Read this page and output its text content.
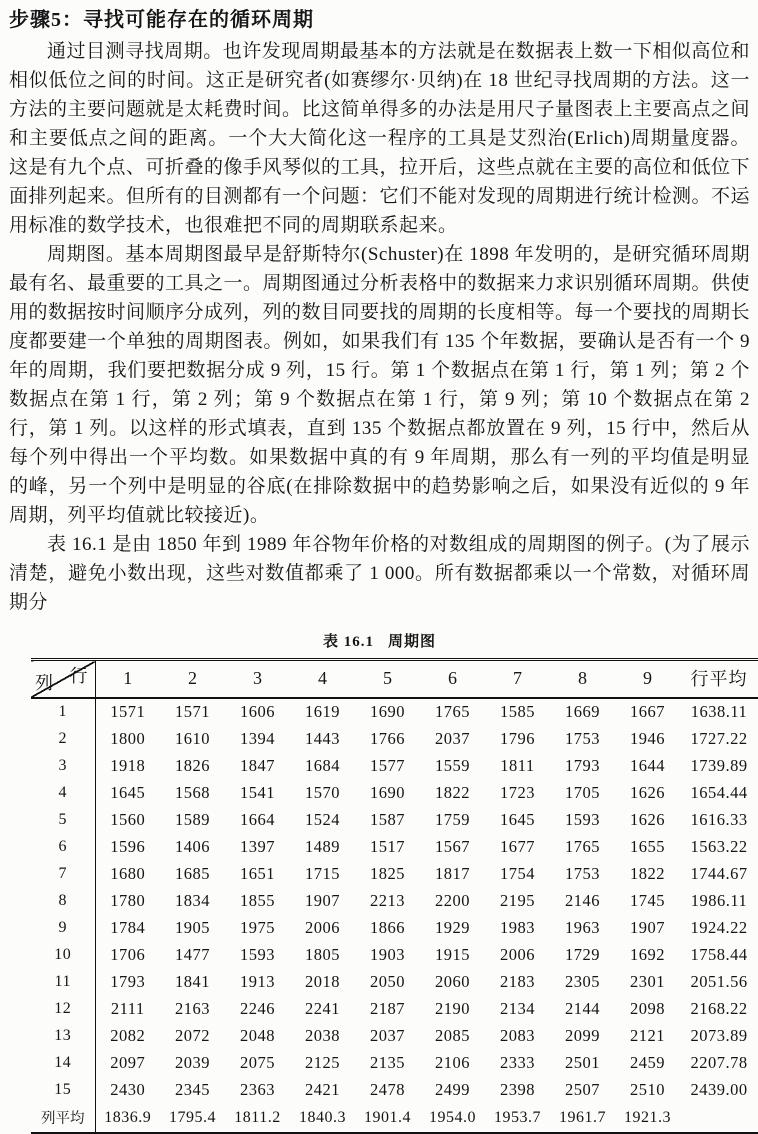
步骤5：寻找可能存在的循环周期

通过目测寻找周期。也许发现周期最基本的方法就是在数据表上数一下相似高位和相似低位之间的时间。这正是研究者(如赛缪尔·贝纳)在 18 世纪寻找周期的方法。这一方法的主要问题就是太耗费时间。比这简单得多的办法是用尺子量图表上主要高点之间和主要低点之间的距离。一个大大简化这一程序的工具是艾烈治(Erlich)周期量度器。这是有九个点、可折叠的像手风琴似的工具，拉开后，这些点就在主要的高位和低位下面排列起来。但所有的目测都有一个问题：它们不能对发现的周期进行统计检测。不运用标准的数学技术，也很难把不同的周期联系起来。

周期图。基本周期图最早是舒斯特尔(Schuster)在 1898 年发明的，是研究循环周期最有名、最重要的工具之一。周期图通过分析表格中的数据来力求识别循环周期。供使用的数据按时间顺序分成列，列的数目同要找的周期的长度相等。每一个要找的周期长度都要建一个单独的周期图表。例如，如果我们有 135 个年数据，要确认是否有一个 9 年的周期，我们要把数据分成 9 列，15 行。第 1 个数据点在第 1 行，第 1 列；第 2 个数据点在第 1 行，第 2 列；第 9 个数据点在第 1 行，第 9 列；第 10 个数据点在第 2 行，第 1 列。以这样的形式填表，直到 135 个数据点都放置在 9 列，15 行中，然后从每个列中得出一个平均数。如果数据中真的有 9 年周期，那么有一列的平均值是明显的峰，另一个列中是明显的谷底(在排除数据中的趋势影响之后，如果没有近似的 9 年周期，列平均值就比较接近)。

表 16.1 是由 1850 年到 1989 年谷物年价格的对数组成的周期图的例子。(为了展示清楚，避免小数出现，这些对数值都乘了 1 000。所有数据都乘以一个常数，对循环周期分

表 16.1 周期图
行
列	1	2	3	4	5	6	7	8	9	行平均
1	1571	1571	1606	1619	1690	1765	1585	1669	1667	1638.11
2	1800	1610	1394	1443	1766	2037	1796	1753	1946	1727.22
3	1918	1826	1847	1684	1577	1559	1811	1793	1644	1739.89
4	1645	1568	1541	1570	1690	1822	1723	1705	1626	1654.44
5	1560	1589	1664	1524	1587	1759	1645	1593	1626	1616.33
6	1596	1406	1397	1489	1517	1567	1677	1765	1655	1563.22
7	1680	1685	1651	1715	1825	1817	1754	1753	1822	1744.67
8	1780	1834	1855	1907	2213	2200	2195	2146	1745	1986.11
9	1784	1905	1975	2006	1866	1929	1983	1963	1907	1924.22
10	1706	1477	1593	1805	1903	1915	2006	1729	1692	1758.44
11	1793	1841	1913	2018	2050	2060	2183	2305	2301	2051.56
12	2111	2163	2246	2241	2187	2190	2134	2144	2098	2168.22
13	2082	2072	2048	2038	2037	2085	2083	2099	2121	2073.89
14	2097	2039	2075	2125	2135	2106	2333	2501	2459	2207.78
15	2430	2345	2363	2421	2478	2499	2398	2507	2510	2439.00
列平均	1836.9	1795.4	1811.2	1840.3	1901.4	1954.0	1953.7	1961.7	1921.3	
